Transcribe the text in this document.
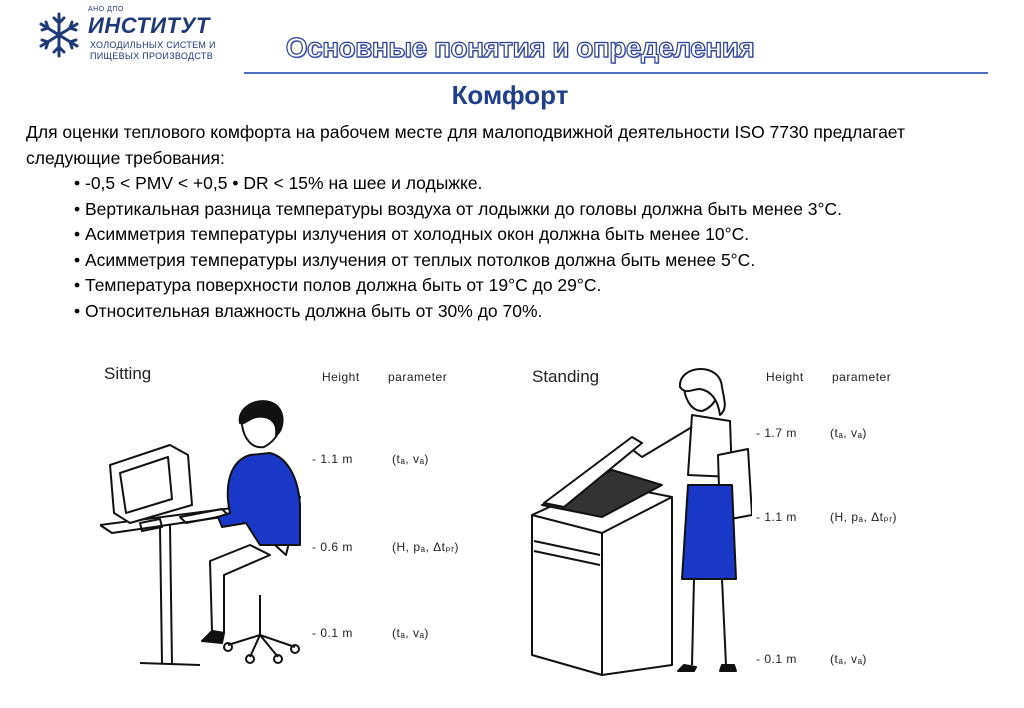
АНО ДПО
ИНСТИТУТ
ХОЛОДИЛЬНЫХ СИСТЕМ И
ПИЩЕВЫХ ПРОИЗВОДСТВ	Основные понятия и определения
Комфорт
Для оценки теплового комфорта на рабочем месте для малоподвижной деятельности ISO 7730 предлагает следующие требования:
• -0,5 < PMV < +0,5 • DR < 15% на шее и лодыжке.
• Вертикальная разница температуры воздуха от лодыжки до головы должна быть менее 3°C.
• Асимметрия температуры излучения от холодных окон должна быть менее 10°C.
• Асимметрия температуры излучения от теплых потолков должна быть менее 5°C.
• Температура поверхности полов должна быть от 19°C до 29°C.
• Относительная влажность должна быть от 30% до 70%.
Sitting	Height parameter
- 1.1 m	(tₐ, vₐ)
- 0.6 m	(H, pₐ, Δtₚᵣ)
- 0.1 m	(tₐ, vₐ)
Standing	Height parameter
- 1.7 m	(tₐ, vₐ)
- 1.1 m	(H, pₐ, Δtₚᵣ)
- 0.1 m	(tₐ, vₐ)
